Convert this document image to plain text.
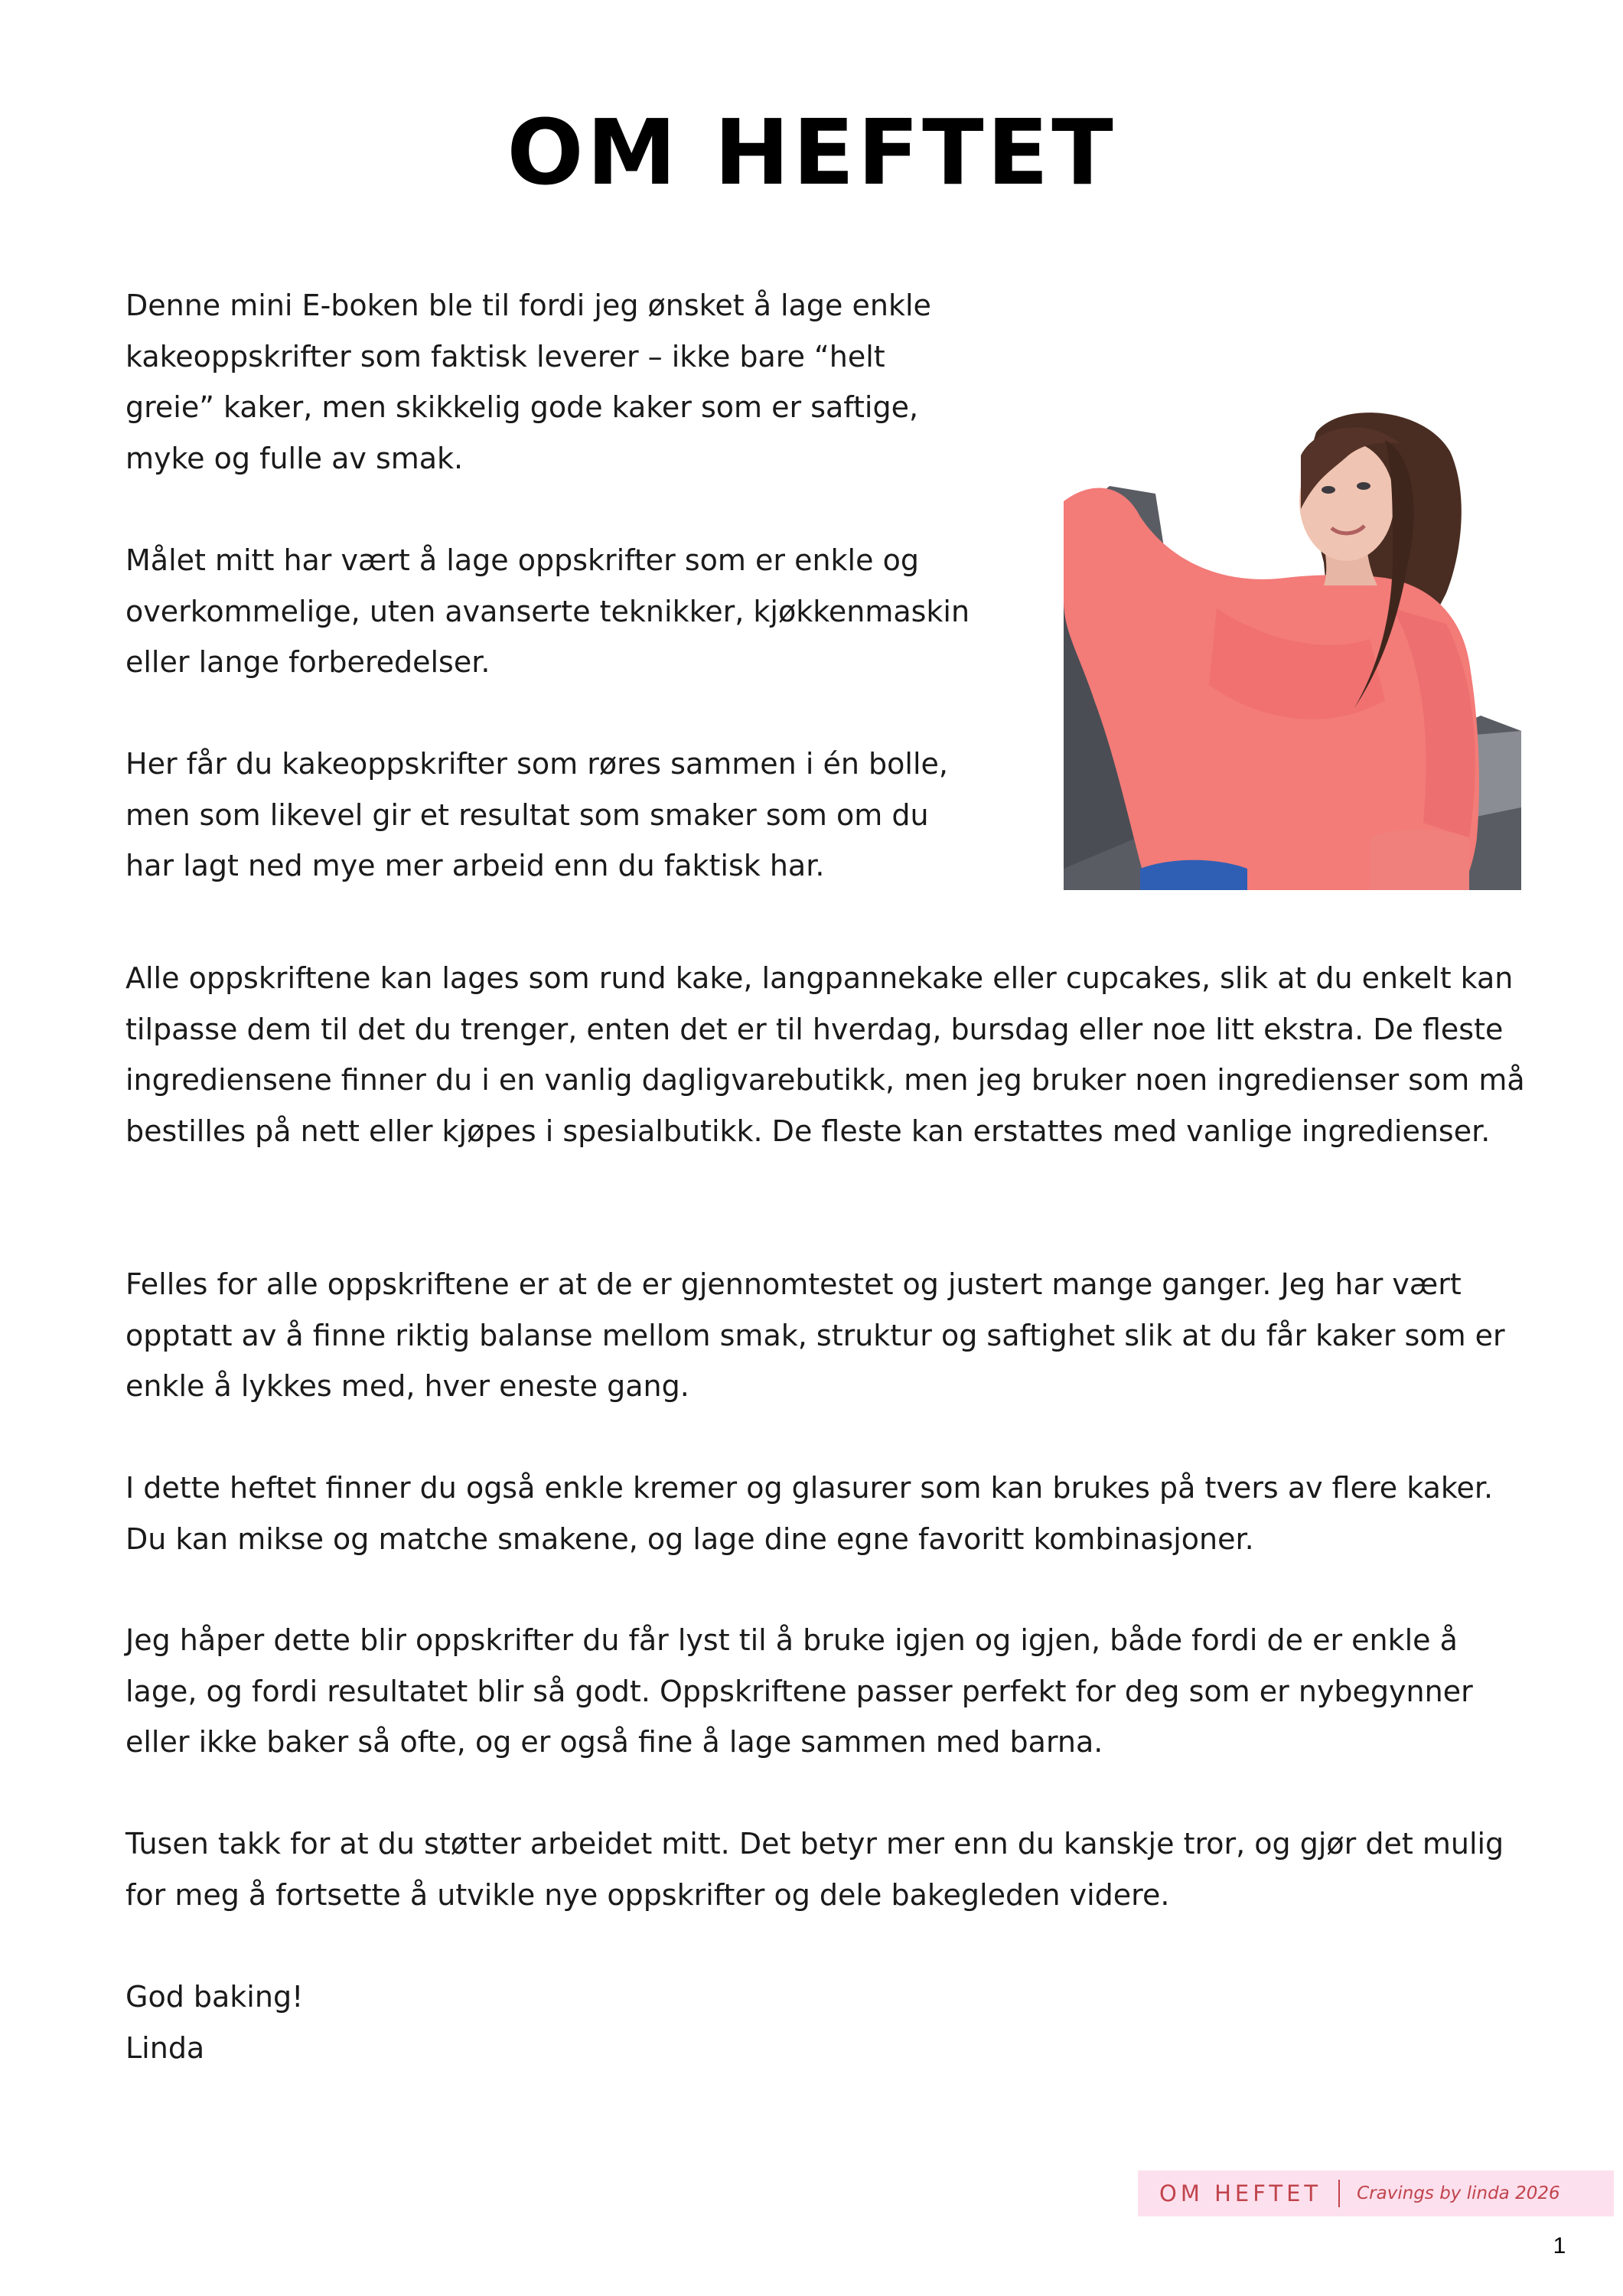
OM HEFTET

Denne mini E-boken ble til fordi jeg ønsket å lage enkle kakeoppskrifter som faktisk leverer – ikke bare “helt greie” kaker, men skikkelig gode kaker som er saftige, myke og fulle av smak.

Målet mitt har vært å lage oppskrifter som er enkle og overkommelige, uten avanserte teknikker, kjøkkenmaskin eller lange forberedelser.

Her får du kakeoppskrifter som røres sammen i én bolle, men som likevel gir et resultat som smaker som om du har lagt ned mye mer arbeid enn du faktisk har.

Alle oppskriftene kan lages som rund kake, langpannekake eller cupcakes, slik at du enkelt kan tilpasse dem til det du trenger, enten det er til hverdag, bursdag eller noe litt ekstra. De fleste ingrediensene finner du i en vanlig dagligvarebutikk, men jeg bruker noen ingredienser som må bestilles på nett eller kjøpes i spesialbutikk. De fleste kan erstattes med vanlige ingredienser.

Felles for alle oppskriftene er at de er gjennomtestet og justert mange ganger. Jeg har vært opptatt av å finne riktig balanse mellom smak, struktur og saftighet slik at du får kaker som er enkle å lykkes med, hver eneste gang.

I dette heftet finner du også enkle kremer og glasurer som kan brukes på tvers av flere kaker. Du kan mikse og matche smakene, og lage dine egne favoritt kombinasjoner.

Jeg håper dette blir oppskrifter du får lyst til å bruke igjen og igjen, både fordi de er enkle å lage, og fordi resultatet blir så godt. Oppskriftene passer perfekt for deg som er nybegynner eller ikke baker så ofte, og er også fine å lage sammen med barna.

Tusen takk for at du støtter arbeidet mitt. Det betyr mer enn du kanskje tror, og gjør det mulig for meg å fortsette å utvikle nye oppskrifter og dele bakegleden videre.

God baking!
Linda
OM HEFTET Cravings by linda 2026
1
